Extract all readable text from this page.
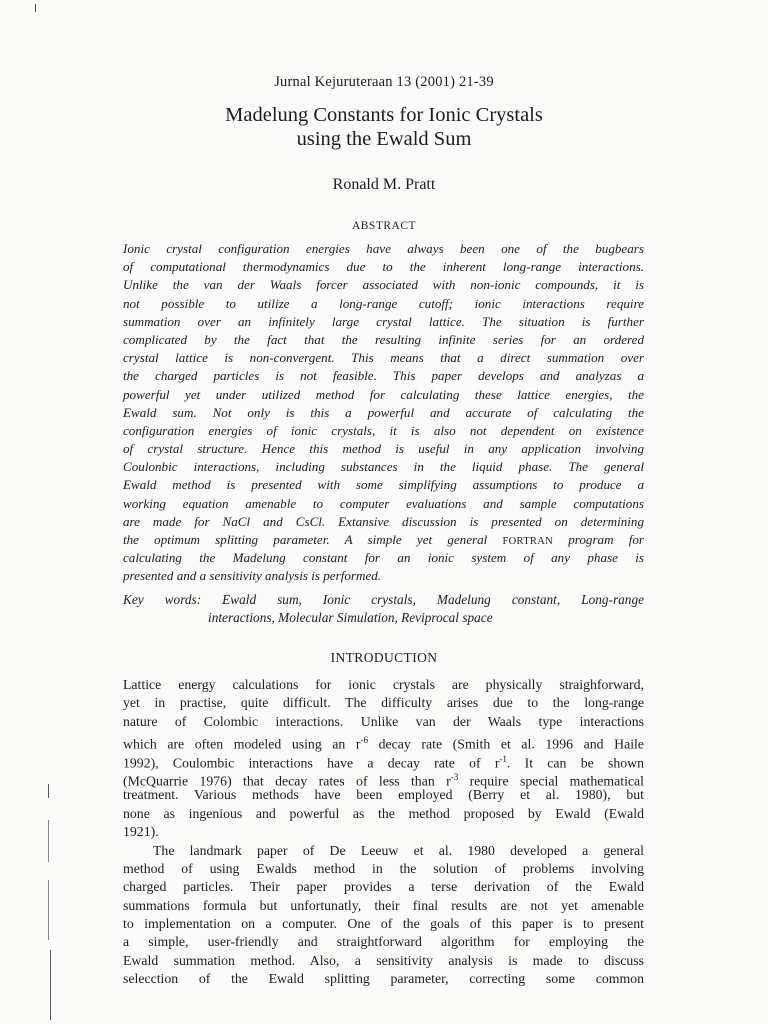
Jurnal Kejuruteraan 13 (2001) 21-39
Madelung Constants for Ionic Crystals
using the Ewald Sum
Ronald M. Pratt
ABSTRACT
Ionic crystal configuration energies have always been one of the bugbears
of computational thermodynamics due to the inherent long-range interactions.
Unlike the van der Waals forcer associated with non-ionic compounds, it is
not possible to utilize a long-range cutoff; ionic interactions require
summation over an infinitely large crystal lattice. The situation is further
complicated by the fact that the resulting infinite series for an ordered
crystal lattice is non-convergent. This means that a direct summation over
the charged particles is not feasible. This paper develops and analyzas a
powerful yet under utilized method for calculating these lattice energies, the
Ewald sum. Not only is this a powerful and accurate of calculating the
configuration energies of ionic crystals, it is also not dependent on existence
of crystal structure. Hence this method is useful in any application involving
Coulonbic interactions, including substances in the liquid phase. The general
Ewald method is presented with some simplifying assumptions to produce a
working equation amenable to computer evaluations and sample computations
are made for NaCl and CsCl. Extansive discussion is presented on determining
the optimum splitting parameter. A simple yet general FORTRAN program for
calculating the Madelung constant for an ionic system of any phase is
presented and a sensitivity analysis is performed.
Key words: Ewald sum, Ionic crystals, Madelung constant, Long-range
interactions, Molecular Simulation, Reviprocal space
INTRODUCTION
Lattice energy calculations for ionic crystals are physically straighforward,
yet in practise, quite difficult. The difficulty arises due to the long-range
nature of Colombic interactions. Unlike van der Waals type interactions
which are often modeled using an $r^{-6}$ decay rate (Smith et al. 1996 and Haile
1992), Coulombic interactions have a decay rate of $r^{-1}$. It can be shown
(McQuarrie 1976) that decay rates of less than $r^{-3}$ require special mathematical
treatment. Various methods have been employed (Berry et al. 1980), but
none as ingenious and powerful as the method proposed by Ewald (Ewald
1921).
The landmark paper of De Leeuw et al. 1980 developed a general
method of using Ewalds method in the solution of problems involving
charged particles. Their paper provides a terse derivation of the Ewald
summations formula but unfortunatly, their final results are not yet amenable
to implementation on a computer. One of the goals of this paper is to present
a simple, user-friendly and straightforward algorithm for employing the
Ewald summation method. Also, a sensitivity analysis is made to discuss
selecction of the Ewald splitting parameter, correcting some common
